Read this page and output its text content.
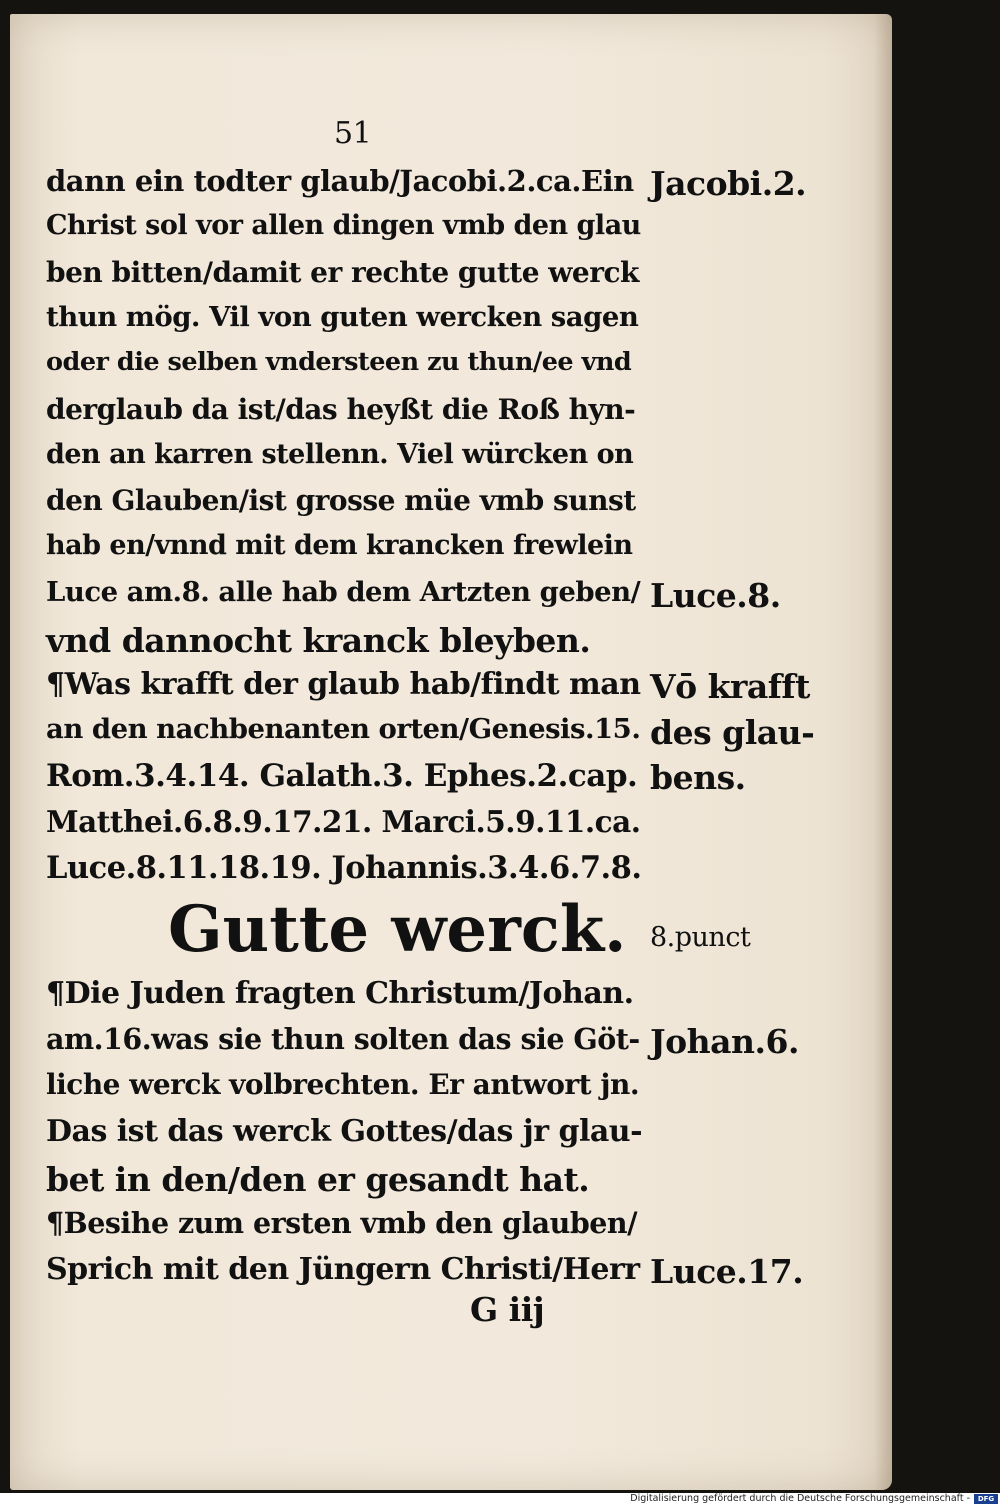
51
dann ein todter glaub/Jacobi.2.ca.Ein
Christ sol vor allen dingen vmb den glau
ben bitten/damit er rechte gutte werck
thun mög. Vil von guten wercken sagen
oder die selben vndersteen zu thun/ee vnd
derglaub da ist/das heyßt die Roß hyn-
den an karren stellenn. Viel würcken on
den Glauben/ist grosse müe vmb sunst
hab en/vnnd mit dem krancken frewlein
Luce am.8. alle hab dem Artzten geben/
vnd dannocht kranck bleyben.
¶Was krafft der glaub hab/findt man
an den nachbenanten orten/Genesis.15.
Rom.3.4.14. Galath.3. Ephes.2.cap.
Matthei.6.8.9.17.21. Marci.5.9.11.ca.
Luce.8.11.18.19. Johannis.3.4.6.7.8.
Gutte werck. 8.punct
¶Die Juden fragten Christum/Johan.
am.16.was sie thun solten das sie Göt-
liche werck volbrechten. Er antwort jn.
Das ist das werck Gottes/das jr glau-
bet in den/den er gesandt hat.
¶Besihe zum ersten vmb den glauben/
Sprich mit den Jüngern Christi/Herr
G iij
Jacobi.2.
Luce.8.
Vō krafft
des glau-
bens.
Johan.6.
Luce.17.
Digitalisierung gefördert durch die Deutsche Forschungsgemeinschaft -	DFG
